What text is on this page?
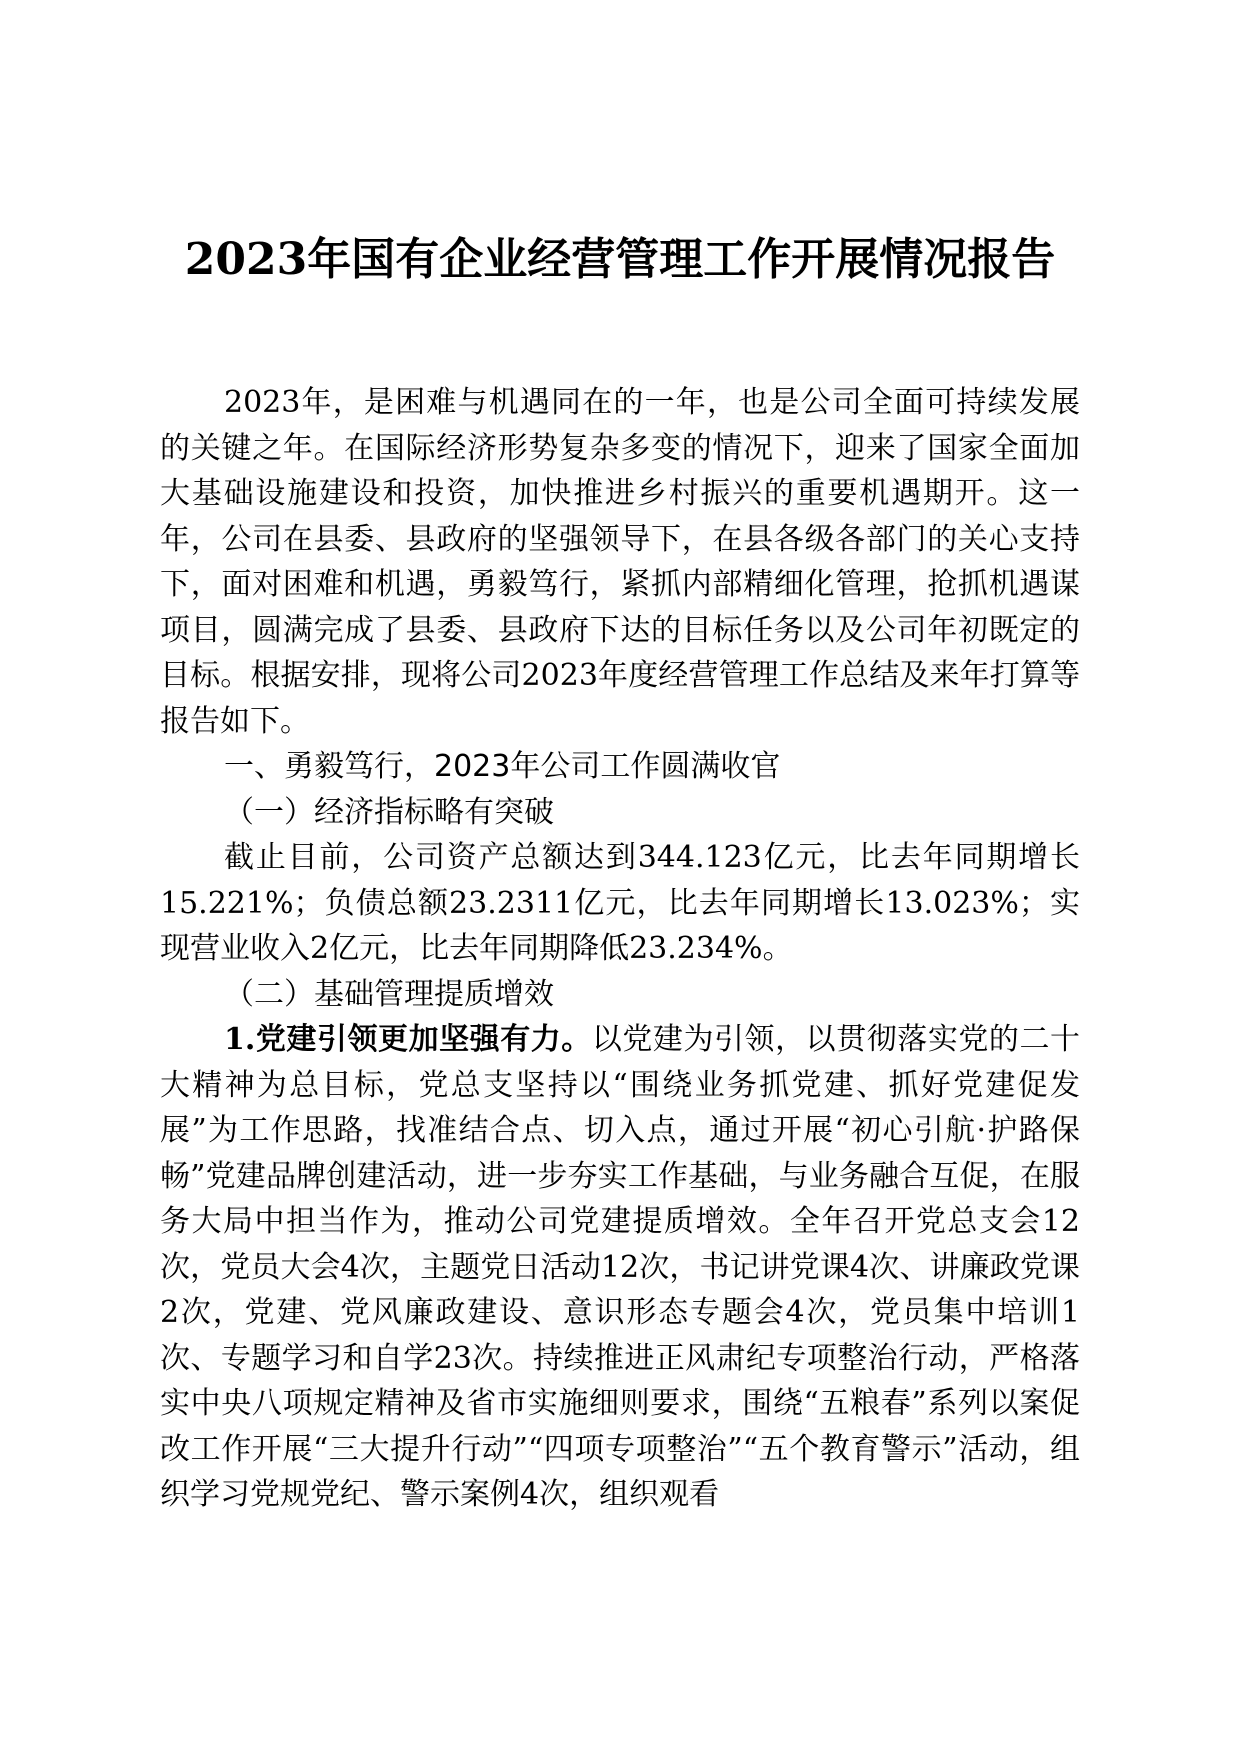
2023年国有企业经营管理工作开展情况报告

2023年，是困难与机遇同在的一年，也是公司全面可持续发展的关键之年。在国际经济形势复杂多变的情况下，迎来了国家全面加大基础设施建设和投资，加快推进乡村振兴的重要机遇期开。这一年，公司在县委、县政府的坚强领导下，在县各级各部门的关心支持下，面对困难和机遇，勇毅笃行，紧抓内部精细化管理，抢抓机遇谋项目，圆满完成了县委、县政府下达的目标任务以及公司年初既定的目标。根据安排，现将公司2023年度经营管理工作总结及来年打算等报告如下。

一、勇毅笃行，2023年公司工作圆满收官

（一）经济指标略有突破

截止目前，公司资产总额达到344.123亿元，比去年同期增长15.221%；负债总额23.2311亿元，比去年同期增长13.023%；实现营业收入2亿元，比去年同期降低23.234%。

（二）基础管理提质增效

1.党建引领更加坚强有力。以党建为引领，以贯彻落实党的二十大精神为总目标，党总支坚持以“围绕业务抓党建、抓好党建促发展”为工作思路，找准结合点、切入点，通过开展“初心引航·护路保畅”党建品牌创建活动，进一步夯实工作基础，与业务融合互促，在服务大局中担当作为，推动公司党建提质增效。全年召开党总支会12次，党员大会4次，主题党日活动12次，书记讲党课4次、讲廉政党课2次，党建、党风廉政建设、意识形态专题会4次，党员集中培训1次、专题学习和自学23次。持续推进正风肃纪专项整治行动，严格落实中央八项规定精神及省市实施细则要求，围绕“五粮春”系列以案促改工作开展“三大提升行动”“四项专项整治”“五个教育警示”活动，组织学习党规党纪、警示案例4次，组织观看
